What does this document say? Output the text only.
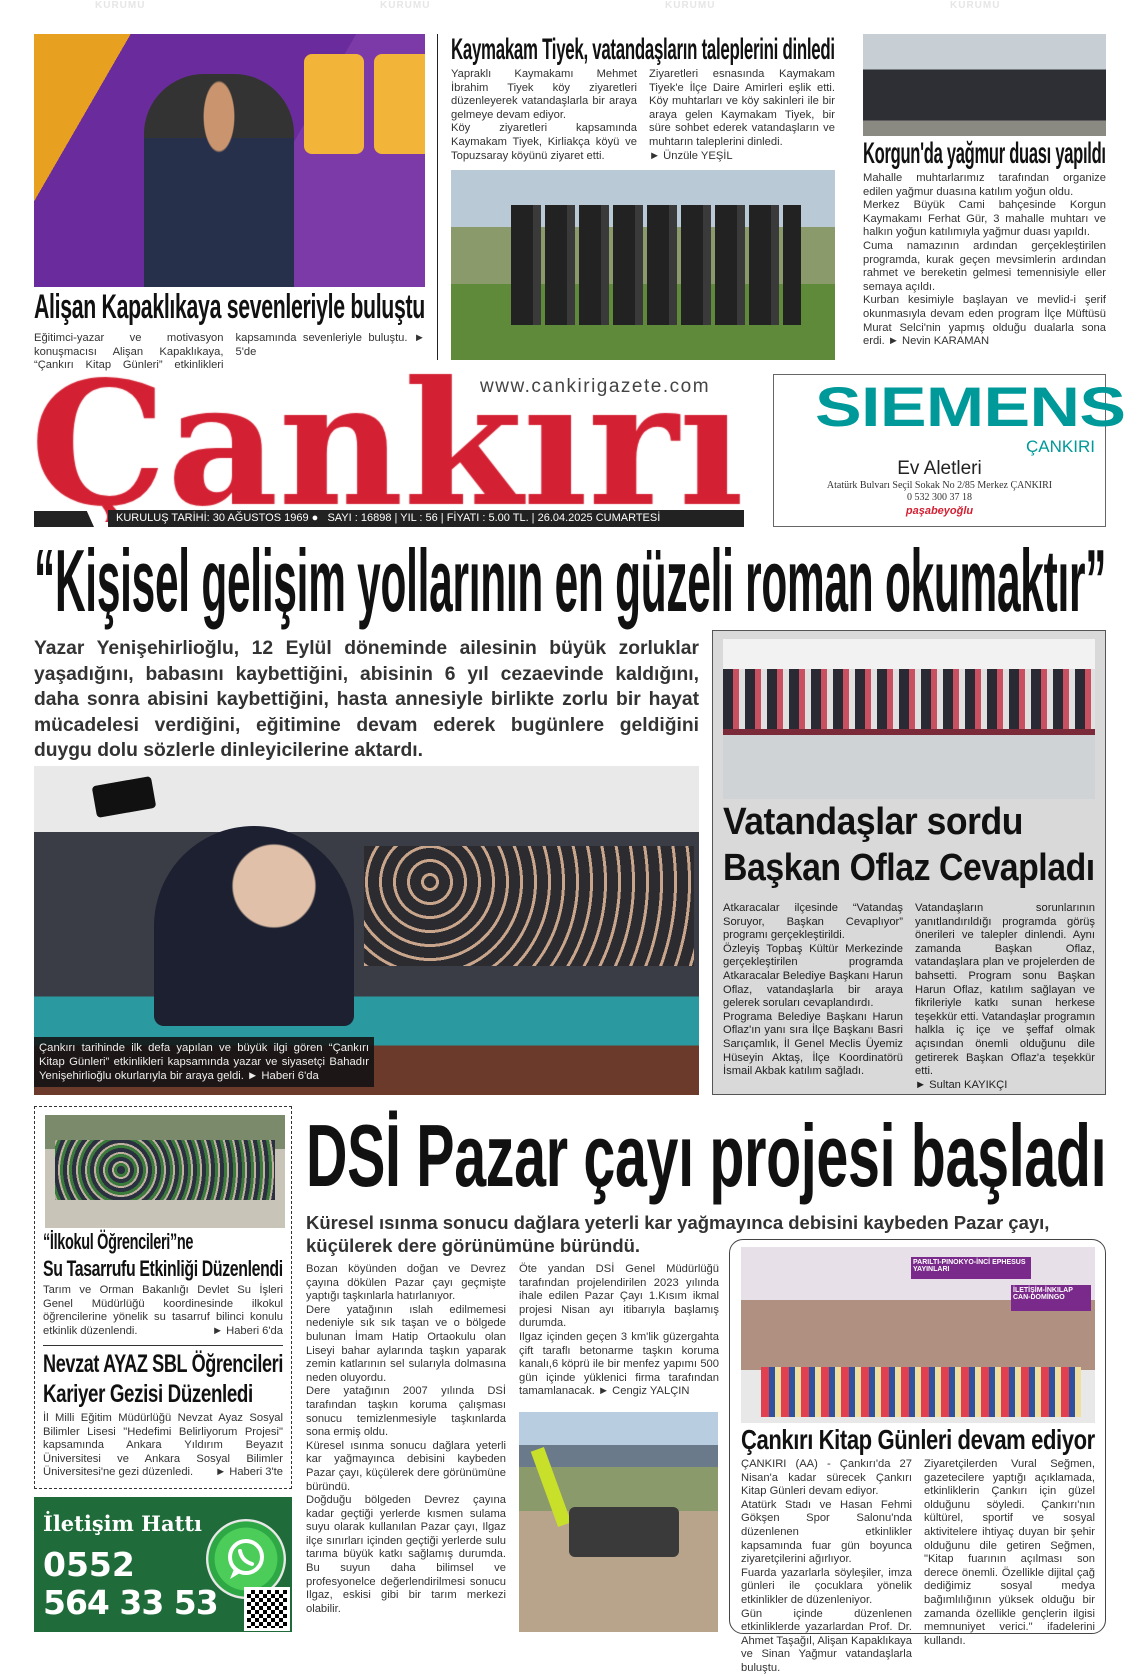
KURUMU	KURUMU	KURUMU	KURUMU
Alişan Kapaklıkaya sevenleriyle buluştu
Eğitimci-yazar ve motivasyon konuşmacısı Alişan Kapaklıkaya, “Çankırı Kitap Günleri” etkinlikleri kapsamında sevenleriyle buluştu. ► 5'de
Kaymakam Tiyek, vatandaşların taleplerini dinledi

Yapraklı Kaymakamı Mehmet İbrahim Tiyek köy ziyaretleri düzenleyerek vatandaşlarla bir araya gelmeye devam ediyor.

Köy ziyaretleri kapsamında Kaymakam Tiyek, Kirliakça köyü ve Topuzsaray köyünü ziyaret etti.

Ziyaretleri esnasında Kaymakam Tiyek'e İlçe Daire Amirleri eşlik etti. Köy muhtarları ve köy sakinleri ile bir araya gelen Kaymakam Tiyek, bir süre sohbet ederek vatandaşların ve muhtarın taleplerini dinledi.

► Ünzüle YEŞİL	Korgun'da yağmur duası yapıldı

Mahalle muhtarlarımız tarafından organize edilen yağmur duasına katılım yoğun oldu.

Merkez Büyük Cami bahçesinde Korgun Kaymakamı Ferhat Gür, 3 mahalle muhtarı ve halkın yoğun katılımıyla yağmur duası yapıldı.

Cuma namazının ardından gerçekleştirilen programda, kurak geçen mevsimlerin ardından rahmet ve bereketin gelmesi temennisiyle eller semaya açıldı.

Kurban kesimiyle başlayan ve mevlid-i şerif okunmasıyla devam eden program İlçe Müftüsü Murat Selci'nin yapmış olduğu dualarla sona erdi. ► Nevin KARAMAN

www.cankirigazete.com
KURULUŞ TARİHİ: 30 AĞUSTOS 1969 ●   SAYI : 16898 | YIL : 56 | FİYATI : 5.00 TL. | 26.04.2025 CUMARTESİ
SIEMENS
ÇANKIRI
Ev Aletleri
Atatürk Bulvarı Seçil Sokak No 2/85 Merkez ÇANKIRI
0 532 300 37 18
paşabeyoğlu
“Kişisel gelişim yollarının en güzeli roman okumaktır”
Yazar Yenişehirlioğlu, 12 Eylül döneminde ailesinin büyük zorluklar yaşadığını, babasını kaybettiğini, abisinin 6 yıl cezaevinde kaldığını, daha sonra abisini kaybettiğini, hasta annesiyle birlikte zorlu bir hayat mücadelesi verdiğini, eğitimine devam ederek bugünlere geldiğini duygu dolu sözlerle dinleyicilerine aktardı.
Çankırı tarihinde ilk defa yapılan ve büyük ilgi gören “Çankırı Kitap Günleri” etkinlikleri kapsamında yazar ve siyasetçi Bahadır Yenişehirlioğlu okurlarıyla bir araya geldi. ► Haberi 6'da
Vatandaşlar sordu
Başkan Oflaz Cevapladı

Atkaracalar ilçesinde “Vatandaş Soruyor, Başkan Cevaplıyor” programı gerçekleştirildi.

Özleyiş Topbaş Kültür Merkezinde gerçekleştirilen programda Atkaracalar Belediye Başkanı Harun Oflaz, vatandaşlarla bir araya gelerek soruları cevaplandırdı.

Programa Belediye Başkanı Harun Oflaz'ın yanı sıra İlçe Başkanı Basri Sarıçamlık, İl Genel Meclis Üyemiz Hüseyin Aktaş, İlçe Koordinatörü İsmail Akbak katılım sağladı.

Vatandaşların sorunlarının yanıtlandırıldığı programda görüş önerileri ve talepler dinlendi. Aynı zamanda Başkan Oflaz, vatandaşlara plan ve projelerden de bahsetti. Program sonu Başkan Harun Oflaz, katılım sağlayan ve fikrileriyle katkı sunan herkese teşekkür etti. Vatandaşlar programın halkla iç içe ve şeffaf olmak açısından önemli olduğunu dile getirerek Başkan Oflaz'a teşekkür etti.

► Sultan KAYIKÇI

“İlkokul Öğrencileri”ne
Su Tasarrufu Etkinliği Düzenlendi
Tarım ve Orman Bakanlığı Devlet Su İşleri Genel Müdürlüğü koordinesinde ilkokul öğrencilerine yönelik su tasarruf bilinci konulu etkinlik düzenlendi.	► Haberi 6'da
Nevzat AYAZ SBL Öğrencileri
Kariyer Gezisi Düzenledi
İl Milli Eğitim Müdürlüğü Nevzat Ayaz Sosyal Bilimler Lisesi "Hedefimi Belirliyorum Projesi" kapsamında Ankara Yıldırım Beyazıt Üniversitesi ve Ankara Sosyal Bilimler Üniversitesi'ne gezi düzenledi. ► Haberi 3'te
İletişim Hattı
0552
564 33 53
DSİ Pazar çayı projesi başladı
Küresel ısınma sonucu dağlara yeterli kar yağmayınca debisini kaybeden Pazar çayı, küçülerek dere görünümüne büründü.

Bozan köyünden doğan ve Devrez çayına dökülen Pazar çayı geçmişte yaptığı taşkınlarla hatırlanıyor.

Dere yatağının ıslah edilmemesi nedeniyle sık sık taşan ve o bölgede bulunan İmam Hatip Ortaokulu olan Liseyi bahar aylarında taşkın yaparak zemin katlarının sel sularıyla dolmasına neden oluyordu.

Dere yatağının 2007 yılında DSİ tarafından taşkın koruma çalışması sonucu temizlenmesiyle taşkınlarda sona ermiş oldu.

Küresel ısınma sonucu dağlara yeterli kar yağmayınca debisini kaybeden Pazar çayı, küçülerek dere görünümüne büründü.

Doğduğu bölgeden Devrez çayına kadar geçtiği yerlerde kısmen sulama suyu olarak kullanılan Pazar çayı, Ilgaz ilçe sınırları içinden geçtiği yerlerde sulu tarıma büyük katkı sağlamış durumda. Bu suyun daha bilimsel ve profesyonelce değerlendirilmesi sonucu Ilgaz, eskisi gibi bir tarım merkezi olabilir.

Öte yandan DSİ Genel Müdürlüğü tarafından projelendirilen 2023 yılında ihale edilen Pazar Çayı 1.Kısım ikmal projesi Nisan ayı itibarıyla başlamış durumda.

Ilgaz içinden geçen 3 km'lik güzergahta çift taraflı betonarme taşkın koruma kanalı,6 köprü ile bir menfez yapımı 500 gün içinde yüklenici firma tarafından tamamlanacak. ► Cengiz YALÇIN

PARILTI-PINOKYO-İNCİ EPHESUS YAYINLARI
İLETİŞİM-İNKILAP CAN-DOMİNGO
Çankırı Kitap Günleri devam ediyor

ÇANKIRI (AA) - Çankırı'da 27 Nisan'a kadar sürecek Çankırı Kitap Günleri devam ediyor.

Atatürk Stadı ve Hasan Fehmi Gökşen Spor Salonu'nda düzenlenen etkinlikler kapsamında fuar gün boyunca ziyaretçilerini ağırlıyor.

Fuarda yazarlarla söyleşiler, imza günleri ile çocuklara yönelik etkinlikler de düzenleniyor.

Gün içinde düzenlenen etkinliklerde yazarlardan Prof. Dr. Ahmet Taşağıl, Alişan Kapaklıkaya ve Sinan Yağmur vatandaşlarla buluştu.

Ziyaretçilerden Vural Seğmen, gazetecilere yaptığı açıklamada, etkinliklerin Çankırı için güzel olduğunu söyledi. Çankırı'nın kültürel, sportif ve sosyal aktivitelere ihtiyaç duyan bir şehir olduğunu dile getiren Seğmen, "Kitap fuarının açılması son derece önemli. Özellikle dijital çağ dediğimiz sosyal medya bağımlılığının yüksek olduğu bir zamanda özellikle gençlerin ilgisi memnuniyet verici." ifadelerini kullandı.
